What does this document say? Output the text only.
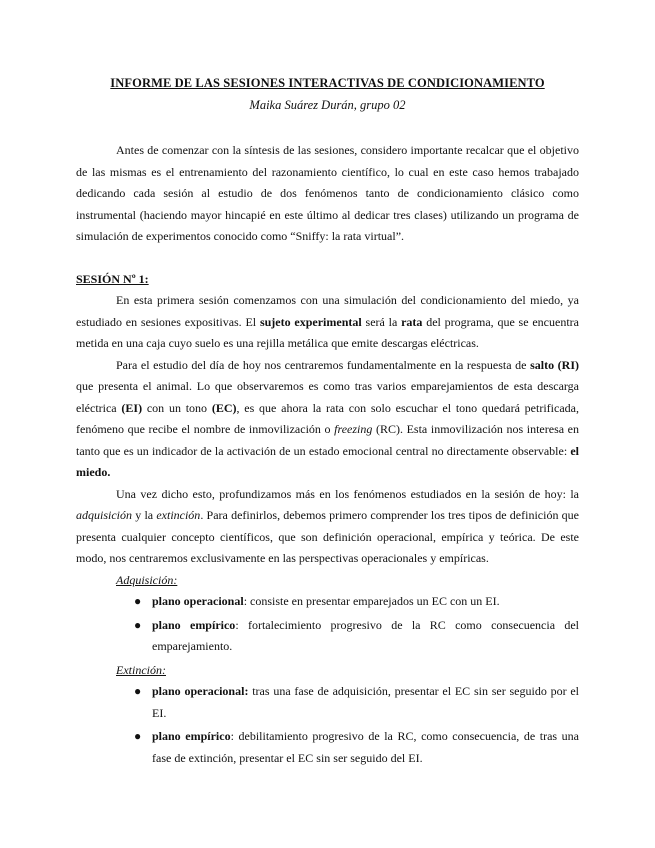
INFORME DE LAS SESIONES INTERACTIVAS DE CONDICIONAMIENTO
Maika Suárez Durán, grupo 02

Antes de comenzar con la síntesis de las sesiones, considero importante recalcar que el objetivo de las mismas es el entrenamiento del razonamiento científico, lo cual en este caso hemos trabajado dedicando cada sesión al estudio de dos fenómenos tanto de condicionamiento clásico como instrumental (haciendo mayor hincapié en este último al dedicar tres clases) utilizando un programa de simulación de experimentos conocido como “Sniffy: la rata virtual”.

SESIÓN Nº 1:

En esta primera sesión comenzamos con una simulación del condicionamiento del miedo, ya estudiado en sesiones expositivas. El sujeto experimental será la rata del programa, que se encuentra metida en una caja cuyo suelo es una rejilla metálica que emite descargas eléctricas.

Para el estudio del día de hoy nos centraremos fundamentalmente en la respuesta de salto (RI) que presenta el animal. Lo que observaremos es como tras varios emparejamientos de esta descarga eléctrica (EI) con un tono (EC), es que ahora la rata con solo escuchar el tono quedará petrificada, fenómeno que recibe el nombre de inmovilización o freezing (RC). Esta inmovilización nos interesa en tanto que es un indicador de la activación de un estado emocional central no directamente observable: el miedo.

Una vez dicho esto, profundizamos más en los fenómenos estudiados en la sesión de hoy: la adquisición y la extinción. Para definirlos, debemos primero comprender los tres tipos de definición que presenta cualquier concepto científicos, que son definición operacional, empírica y teórica. De este modo, nos centraremos exclusivamente en las perspectivas operacionales y empíricas.

Adquisición:
● plano operacional: consiste en presentar emparejados un EC con un EI.
● plano empírico: fortalecimiento progresivo de la RC como consecuencia del emparejamiento.
Extinción:
● plano operacional: tras una fase de adquisición, presentar el EC sin ser seguido por el EI.
● plano empírico: debilitamiento progresivo de la RC, como consecuencia, de tras una fase de extinción, presentar el EC sin ser seguido del EI.
